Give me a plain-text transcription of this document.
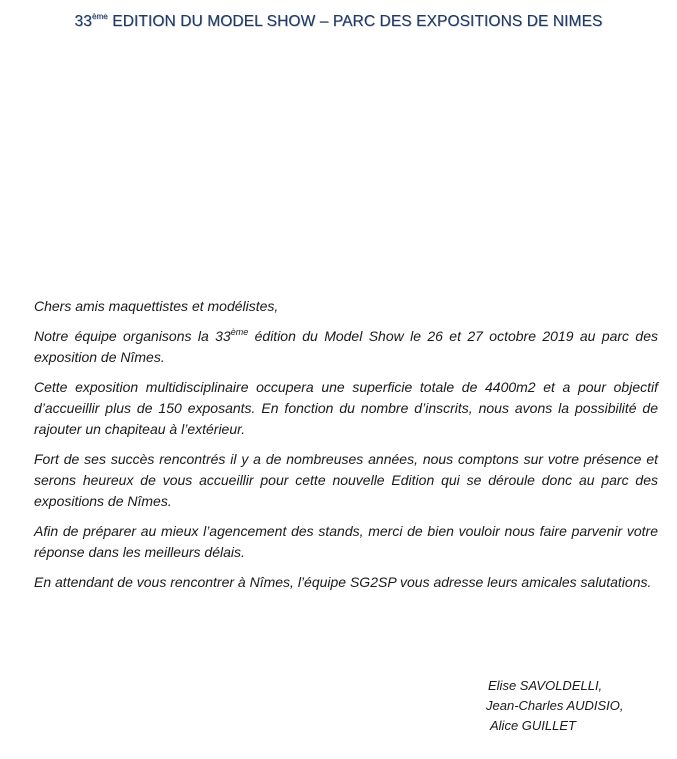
33ème EDITION DU MODEL SHOW – PARC DES EXPOSITIONS DE NIMES

Chers amis maquettistes et modélistes,

Notre équipe organisons la 33ème édition du Model Show le 26 et 27 octobre 2019 au parc des exposition de Nîmes.

Cette exposition multidisciplinaire occupera une superficie totale de 4400m2 et a pour objectif d’accueillir plus de 150 exposants. En fonction du nombre d’inscrits, nous avons la possibilité de rajouter un chapiteau à l’extérieur.

Fort de ses succès rencontrés il y a de nombreuses années, nous comptons sur votre présence et serons heureux de vous accueillir pour cette nouvelle Edition qui se déroule donc au parc des expositions de Nîmes.

Afin de préparer au mieux l’agencement des stands, merci de bien vouloir nous faire parvenir votre réponse dans les meilleurs délais.

En attendant de vous rencontrer à Nîmes, l’équipe SG2SP vous adresse leurs amicales salutations.

Elise SAVOLDELLI,
Jean-Charles AUDISIO,
Alice GUILLET
